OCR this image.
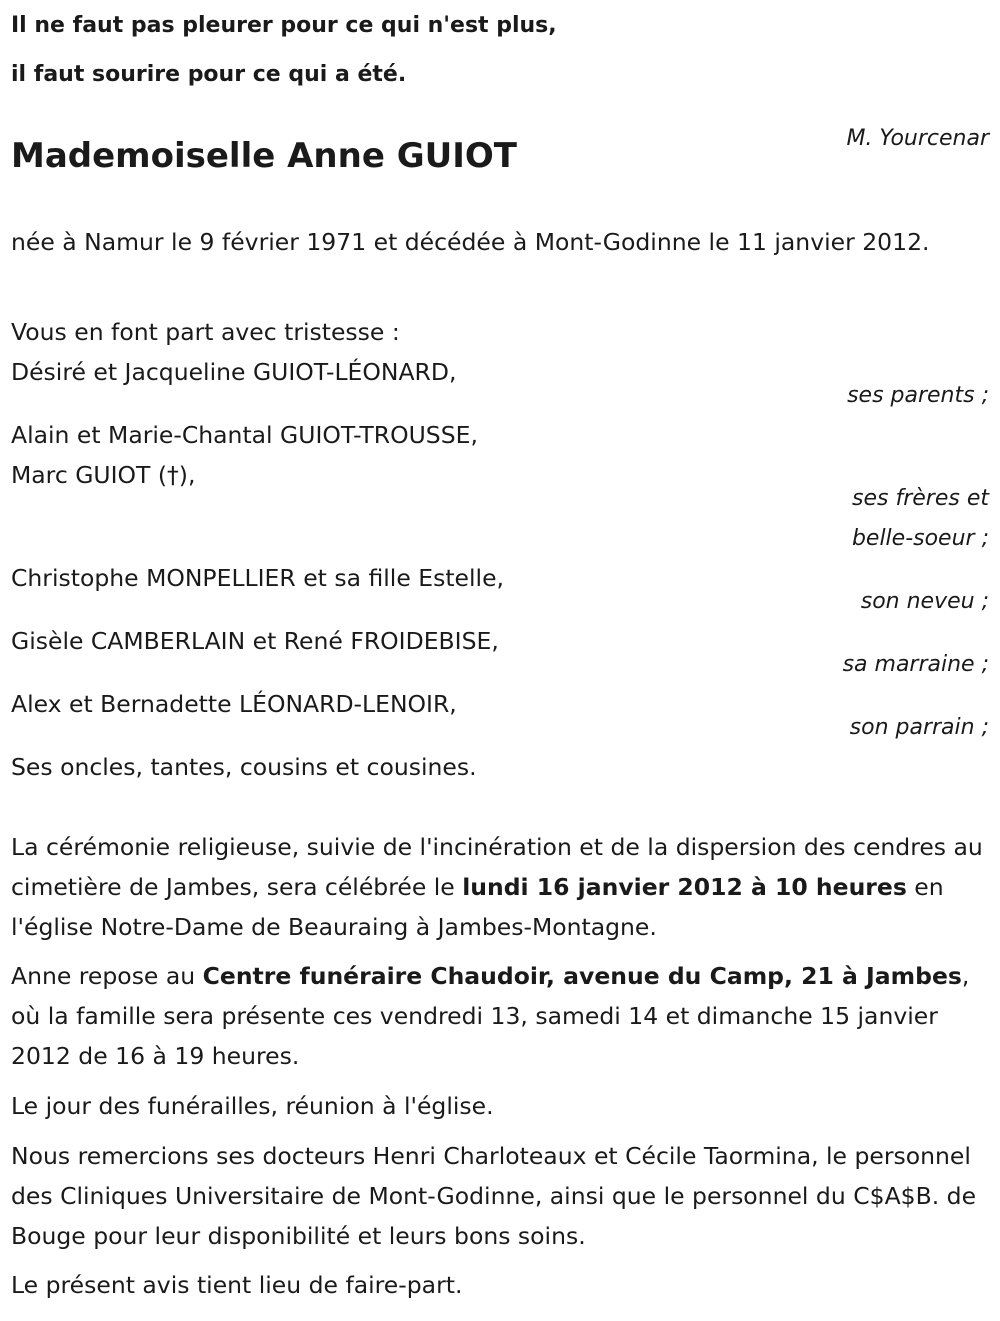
Il ne faut pas pleurer pour ce qui n'est plus,
il faut sourire pour ce qui a été.
M. Yourcenar
Mademoiselle Anne GUIOT
née à Namur le 9 février 1971 et décédée à Mont-Godinne le 11 janvier 2012.
Vous en font part avec tristesse :
Désiré et Jacqueline GUIOT-LÉONARD,
ses parents ;
Alain et Marie-Chantal GUIOT-TROUSSE,
Marc GUIOT (†),
ses frères et
belle-soeur ;
Christophe MONPELLIER et sa fille Estelle,
son neveu ;
Gisèle CAMBERLAIN et René FROIDEBISE,
sa marraine ;
Alex et Bernadette LÉONARD-LENOIR,
son parrain ;
Ses oncles, tantes, cousins et cousines.
La cérémonie religieuse, suivie de l'incinération et de la dispersion des cendres au cimetière de Jambes, sera célébrée le lundi 16 janvier 2012 à 10 heures en l'église Notre-Dame de Beauraing à Jambes-Montagne.
Anne repose au Centre funéraire Chaudoir, avenue du Camp, 21 à Jambes, où la famille sera présente ces vendredi 13, samedi 14 et dimanche 15 janvier 2012 de 16 à 19 heures.
Le jour des funérailles, réunion à l'église.
Nous remercions ses docteurs Henri Charloteaux et Cécile Taormina, le personnel des Cliniques Universitaire de Mont-Godinne, ainsi que le personnel du C$A$B. de Bouge pour leur disponibilité et leurs bons soins.
Le présent avis tient lieu de faire-part.
